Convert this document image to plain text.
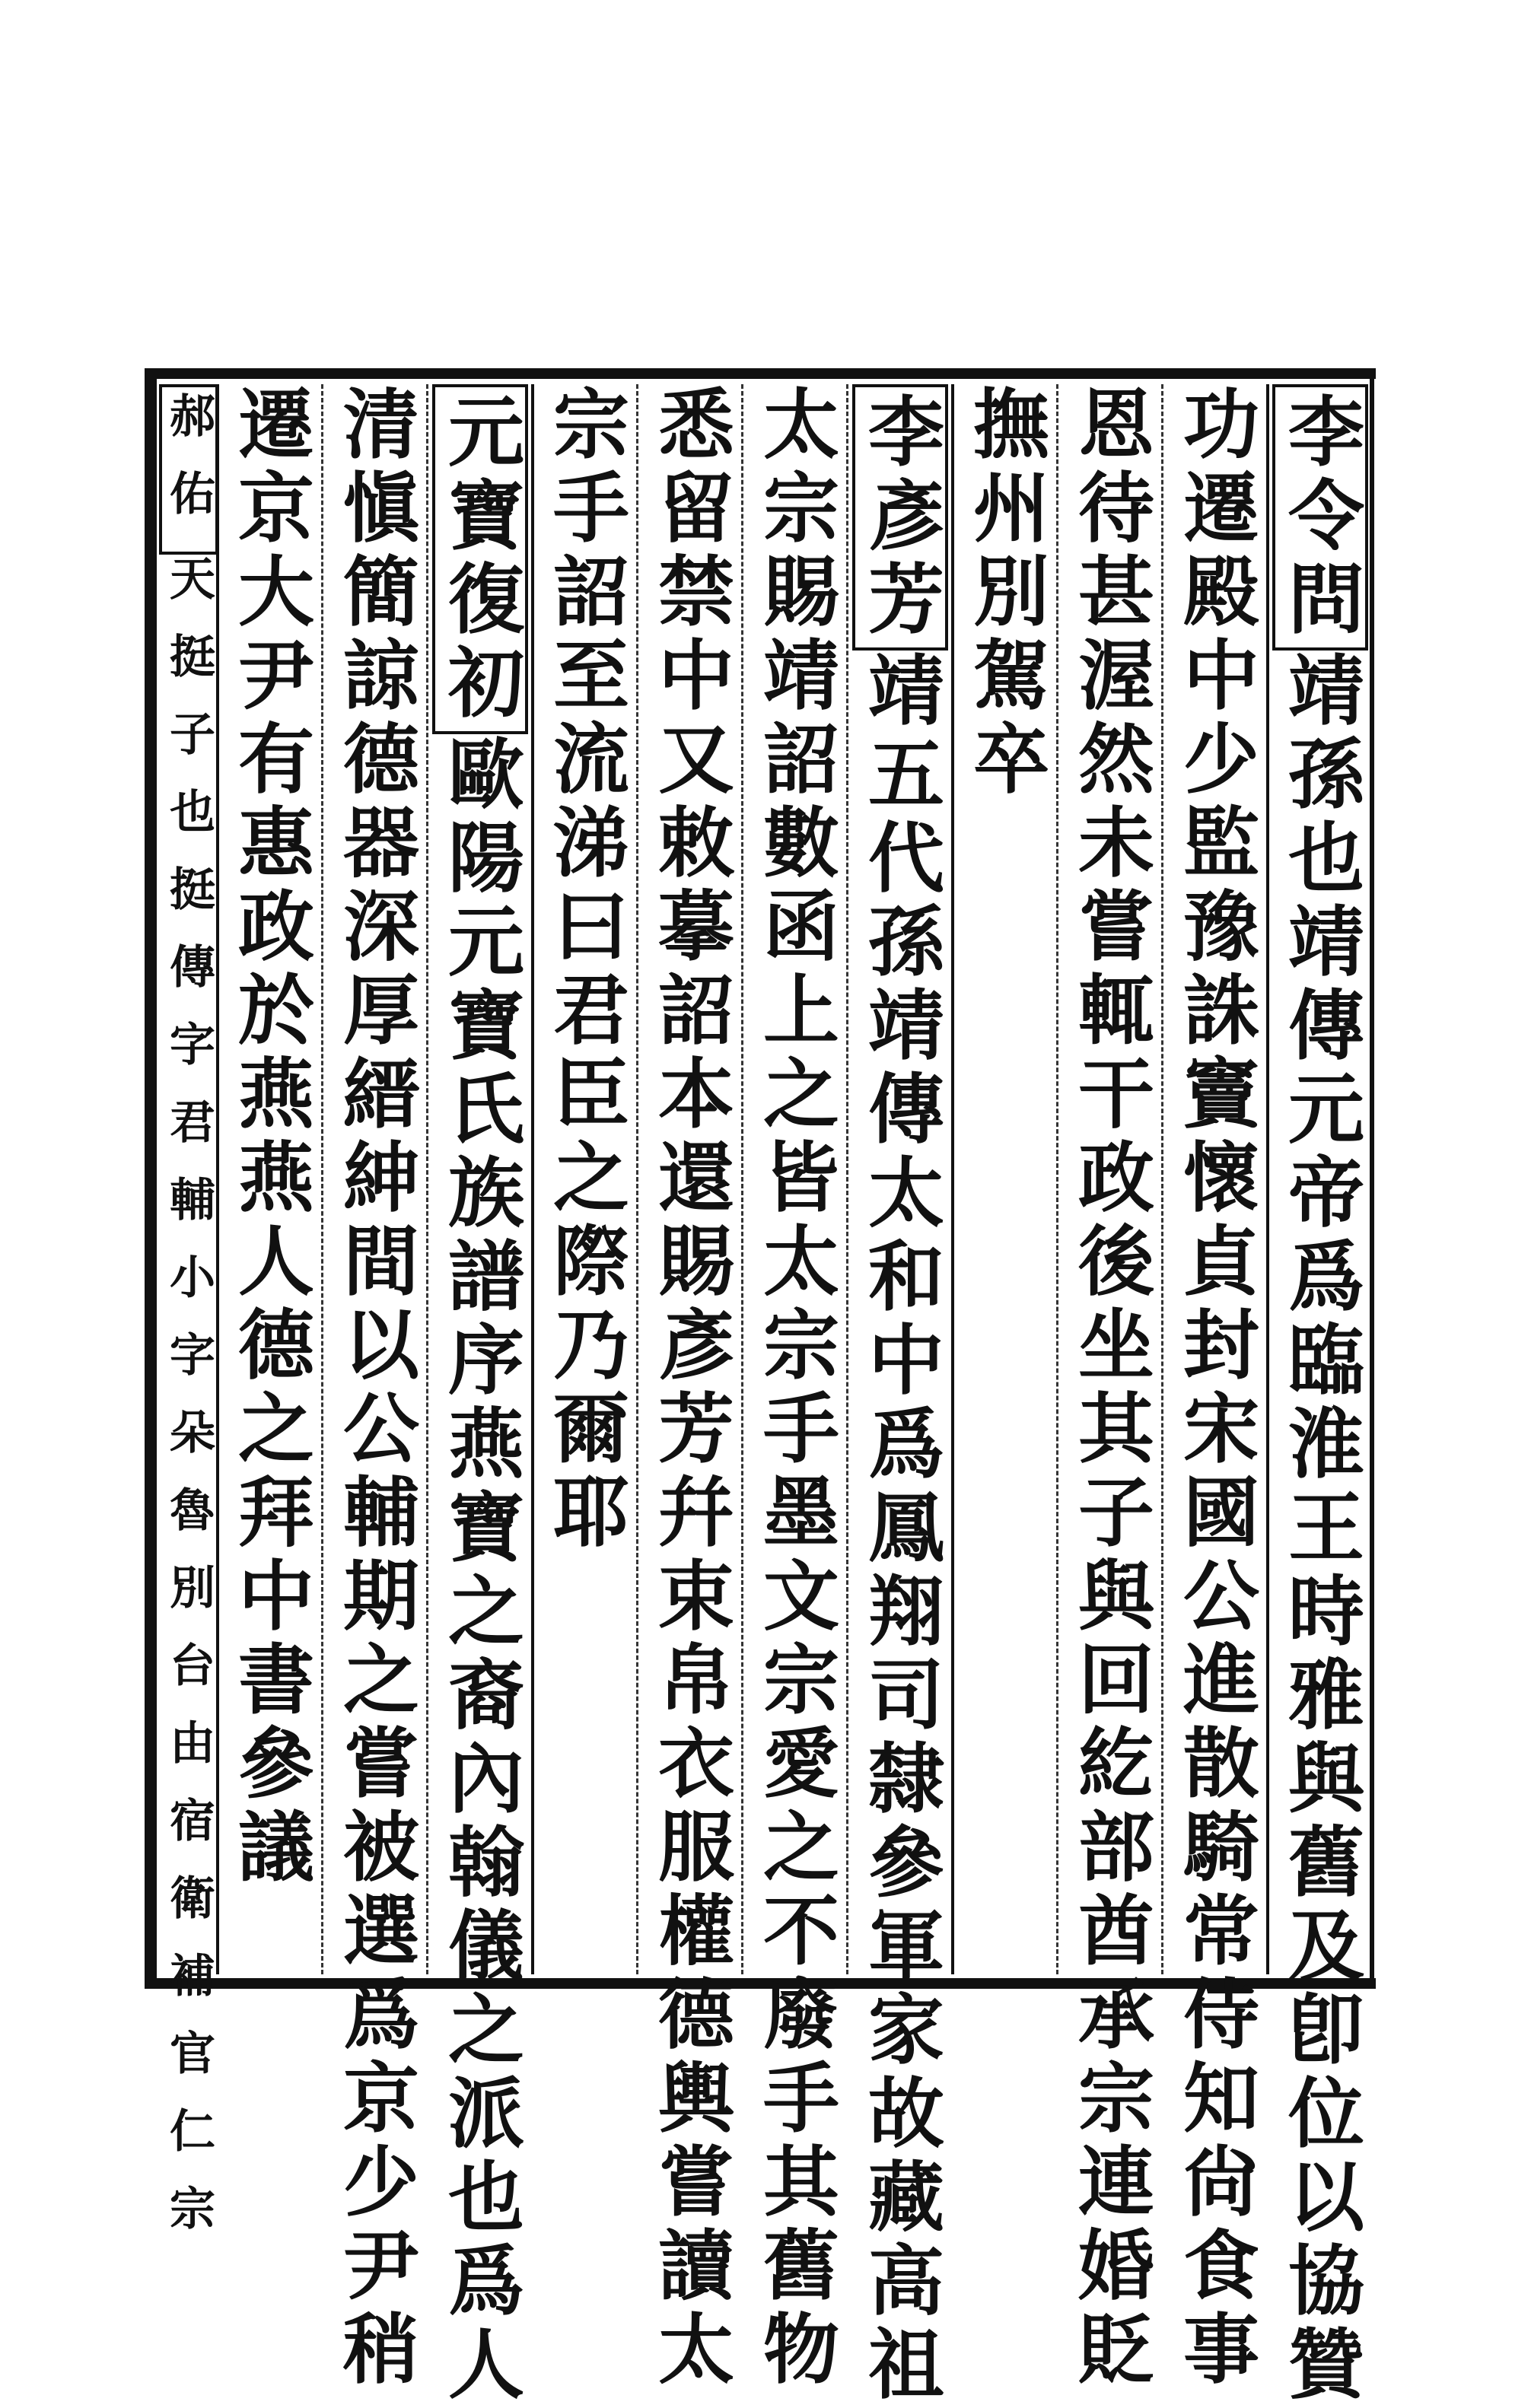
李令問靖孫也靖傳元帝爲臨淮王時雅與舊及卽位以協贊
功遷殿中少監豫誅竇懷貞封宋國公進散騎常侍知尙食事
恩待甚渥然未嘗輒干政後坐其子與回紇部酋承宗連婚貶
撫州別駕卒
李彥芳靖五代孫靖傳太和中爲鳳翔司隸參軍家故藏高祖
太宗賜靖詔數函上之皆太宗手墨文宗愛之不廢手其舊物
悉留禁中又敕摹詔本還賜彥芳幷束帛衣服權德輿嘗讀太
宗手詔至流涕曰君臣之際乃爾耶
元寶復初歐陽元寶氏族譜序燕寶之裔內翰儀之派也爲人
清愼簡諒德器深厚縉紳間以公輔期之嘗被選爲京少尹稍
遷京大尹有惠政於燕燕人德之拜中書參議
郝佑天挺子也挺傳字君輔小字朵魯別台由宿衛補官仁宗
